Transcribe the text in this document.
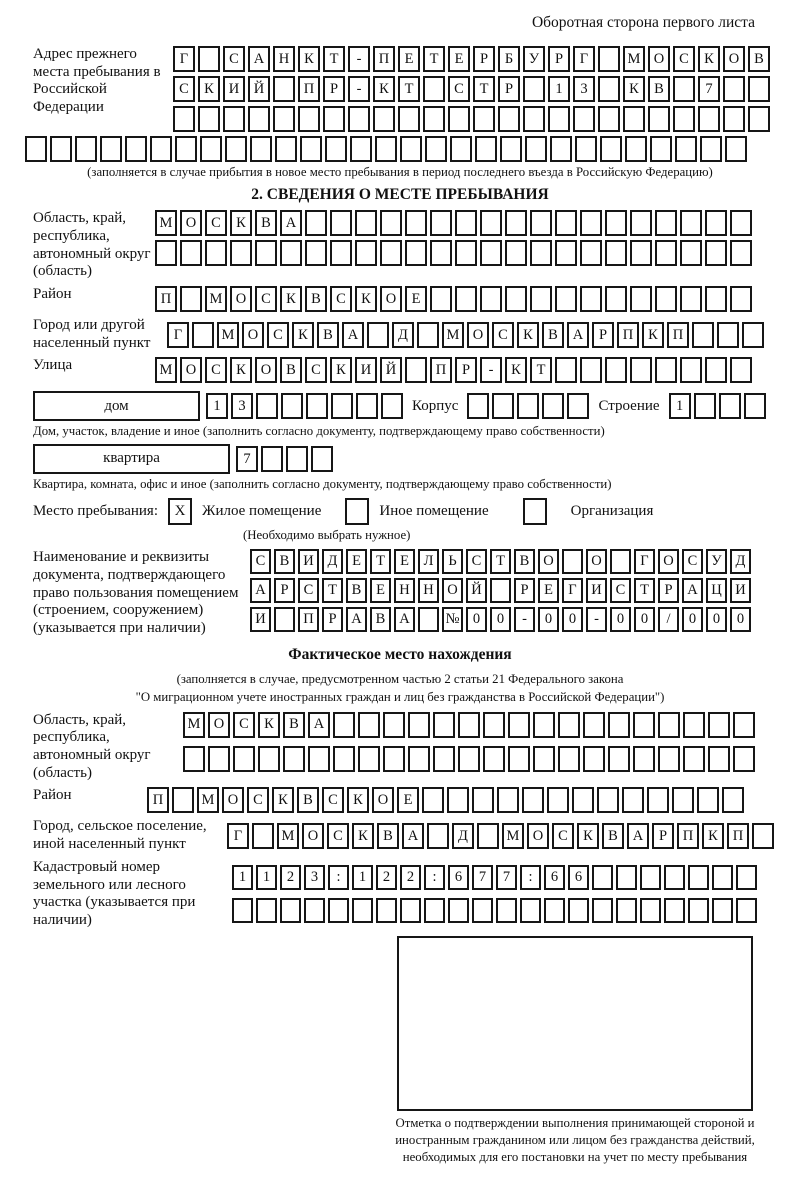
Оборотная сторона первого листа
Адрес прежнего места пребывания в Российской Федерации
Г	С	А	Н	К	Т	-	П	Е	Т	Е	Р	Б	У	Р	Г	М О	С	К	О	В
С	К	И	Й	П	Р	-	К	Т	С	Т	Р	1	3	К	В	7
(заполняется в случае прибытия в новое место пребывания в период последнего въезда в Российскую Федерацию)
2. СВЕДЕНИЯ О МЕСТЕ ПРЕБЫВАНИЯ
Область, край, республика, автономный округ (область)
М О	С	К	В	А
Район	П	М О	С	К	В	С	К	О	Е
Город или другой населенный пункт
Г	М О	С	К	В	А	Д	М О	С	К	В	А	Р	П	К	П
Улица	М О	С	К	О	В	С	К	И	Й	П	Р	-	К	Т
дом	1	3	Корпус	Строение	1
Дом, участок, владение и иное (заполнить согласно документу, подтверждающему право собственности)
квартира	7
Квартира, комната, офис и иное (заполнить согласно документу, подтверждающему право собственности)
Место пребывания:	X	Жилое помещение	Иное помещение	Организация
(Необходимо выбрать нужное)
Наименование и реквизиты документа, подтверждающего право пользования помещением (строением, сооружением) (указывается при наличии)
С В И Д	Е	Т	Е	Л	Ь	С	Т	В О	О	Г	О С У Д
А	Р	С	Т	В	Е Н Н О Й	Р	Е	Г	И С	Т	Р	А Ц И
И	П	Р	А В А	№ 0	0	-	0	0	-	0	0	/	0	0	0
Фактическое место нахождения
(заполняется в случае, предусмотренном частью 2 статьи 21 Федерального закона
"О миграционном учете иностранных граждан и лиц без гражданства в Российской Федерации")
Область, край, республика, автономный округ (область)
М О	С	К	В	А
Район	П	М О	С	К	В	С	К	О	Е
Город, сельское поселение, иной населенный пункт
Г	М О	С	К	В	А	Д	М О	С	К	В	А	Р	П	К	П
Кадастровый номер земельного или лесного участка (указывается при наличии)
1	1	2	3	:	1	2	2	:	6	7	7	:	6	6
Отметка о подтверждении выполнения принимающей стороной и иностранным гражданином или лицом без гражданства действий, необходимых для его постановки на учет по месту пребывания
